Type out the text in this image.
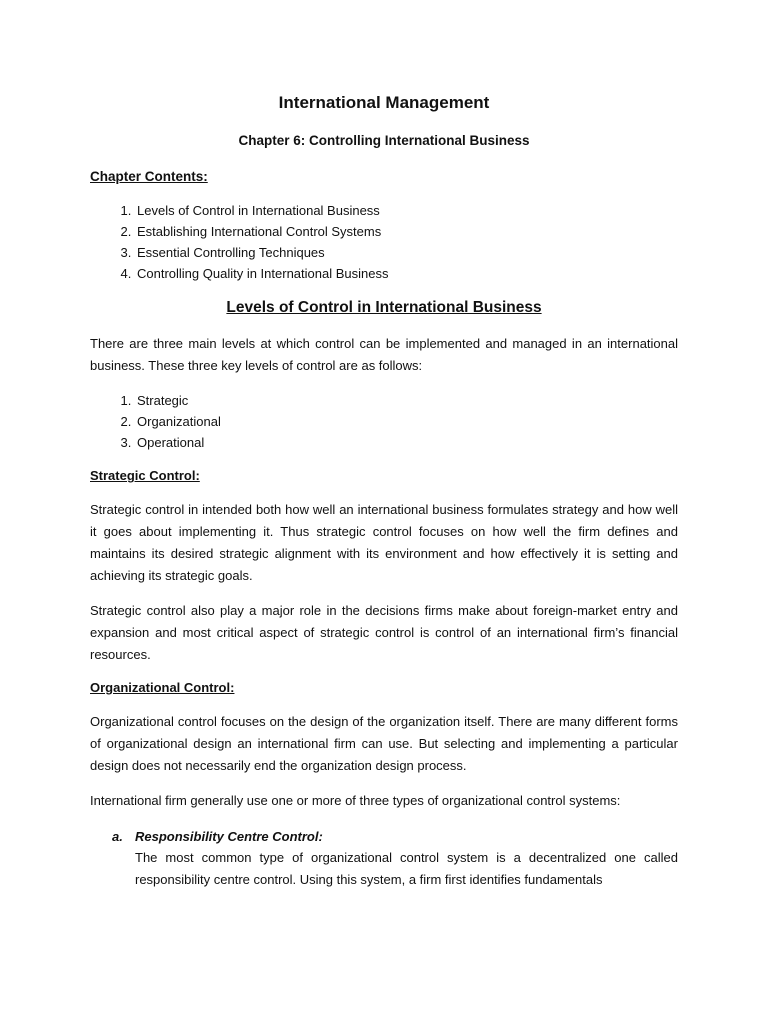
International Management
Chapter 6: Controlling International Business
Chapter Contents:
1. Levels of Control in International Business
2. Establishing International Control Systems
3. Essential Controlling Techniques
4. Controlling Quality in International Business
Levels of Control in International Business

There are three main levels at which control can be implemented and managed in an international business. These three key levels of control are as follows:

1. Strategic
2. Organizational
3. Operational
Strategic Control:

Strategic control in intended both how well an international business formulates strategy and how well it goes about implementing it. Thus strategic control focuses on how well the firm defines and maintains its desired strategic alignment with its environment and how effectively it is setting and achieving its strategic goals.

Strategic control also play a major role in the decisions firms make about foreign-market entry and expansion and most critical aspect of strategic control is control of an international firm’s financial resources.

Organizational Control:

Organizational control focuses on the design of the organization itself. There are many different forms of organizational design an international firm can use. But selecting and implementing a particular design does not necessarily end the organization design process.

International firm generally use one or more of three types of organizational control systems:

a. Responsibility Centre Control:

The most common type of organizational control system is a decentralized one called responsibility centre control. Using this system, a firm first identifies fundamentals
